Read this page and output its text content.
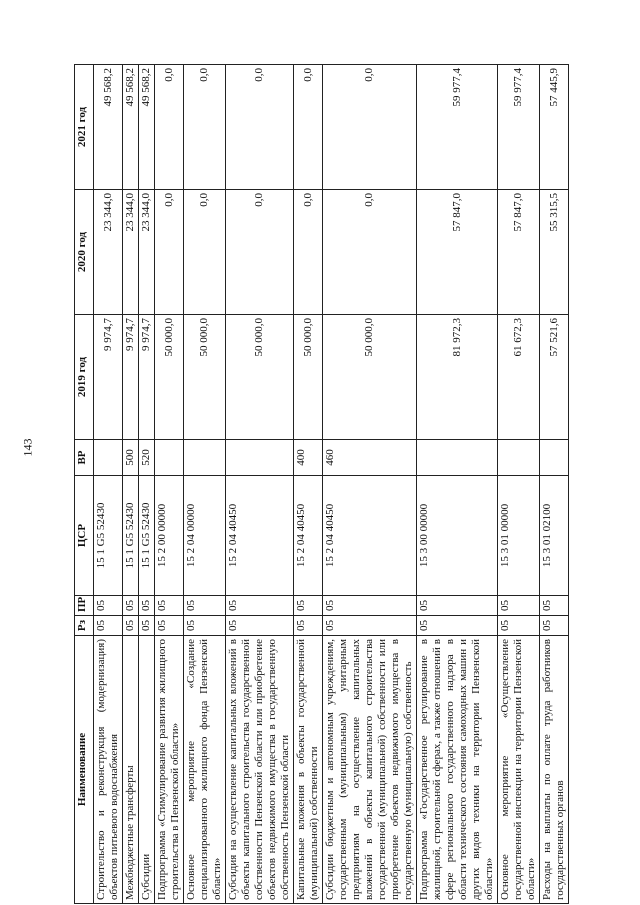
143
Наименование	Рз	ПР	ЦСР	ВР	2019 год	2020 год	2021 год
Строительство и реконструкция (модернизация) объектов питьевого водоснабжения	05	05	15 1 G5 52430		9 974,7	23 344,0	49 568,2
Межбюджетные трансферты	05	05	15 1 G5 52430	500	9 974,7	23 344,0	49 568,2
Субсидии	05	05	15 1 G5 52430	520	9 974,7	23 344,0	49 568,2
Подпрограмма «Стимулирование развития жилищного строительства в Пензенской области»	05	05	15 2 00 00000		50 000,0	0,0	0,0
Основное мероприятие «Создание специализированного жилищного фонда Пензенской области»	05	05	15 2 04 00000		50 000,0	0,0	0,0
Субсидия на осуществление капитальных вложений в объекты капитального строительства государственной собственности Пензенской области или приобретение объектов недвижимого имущества в государственную собственность Пензенской области	05	05	15 2 04 40450		50 000,0	0,0	0,0
Капитальные вложения в объекты государственной (муниципальной) собственности	05	05	15 2 04 40450	400	50 000,0	0,0	0,0
Субсидии бюджетным и автономным учреждениям, государственным (муниципальным) унитарным предприятиям на осуществление капитальных вложений в объекты капитального строительства государственной (муниципальной) собственности или приобретение объектов недвижимого имущества в государственную (муниципальную) собственность	05	05	15 2 04 40450	460	50 000,0	0,0	0,0
Подпрограмма «Государственное регулирование в жилищной, строительной сферах, а также отношений в сфере регионального государственного надзора в области технического состояния самоходных машин и других видов техники на территории Пензенской области»	05	05	15 3 00 00000		81 972,3	57 847,0	59 977,4
Основное мероприятие «Осуществление государственной инспекции на территории Пензенской области»	05	05	15 3 01 00000		61 672,3	57 847,0	59 977,4
Расходы на выплаты по оплате труда работников государственных органов	05	05	15 3 01 02100		57 521,6	55 315,5	57 445,9
